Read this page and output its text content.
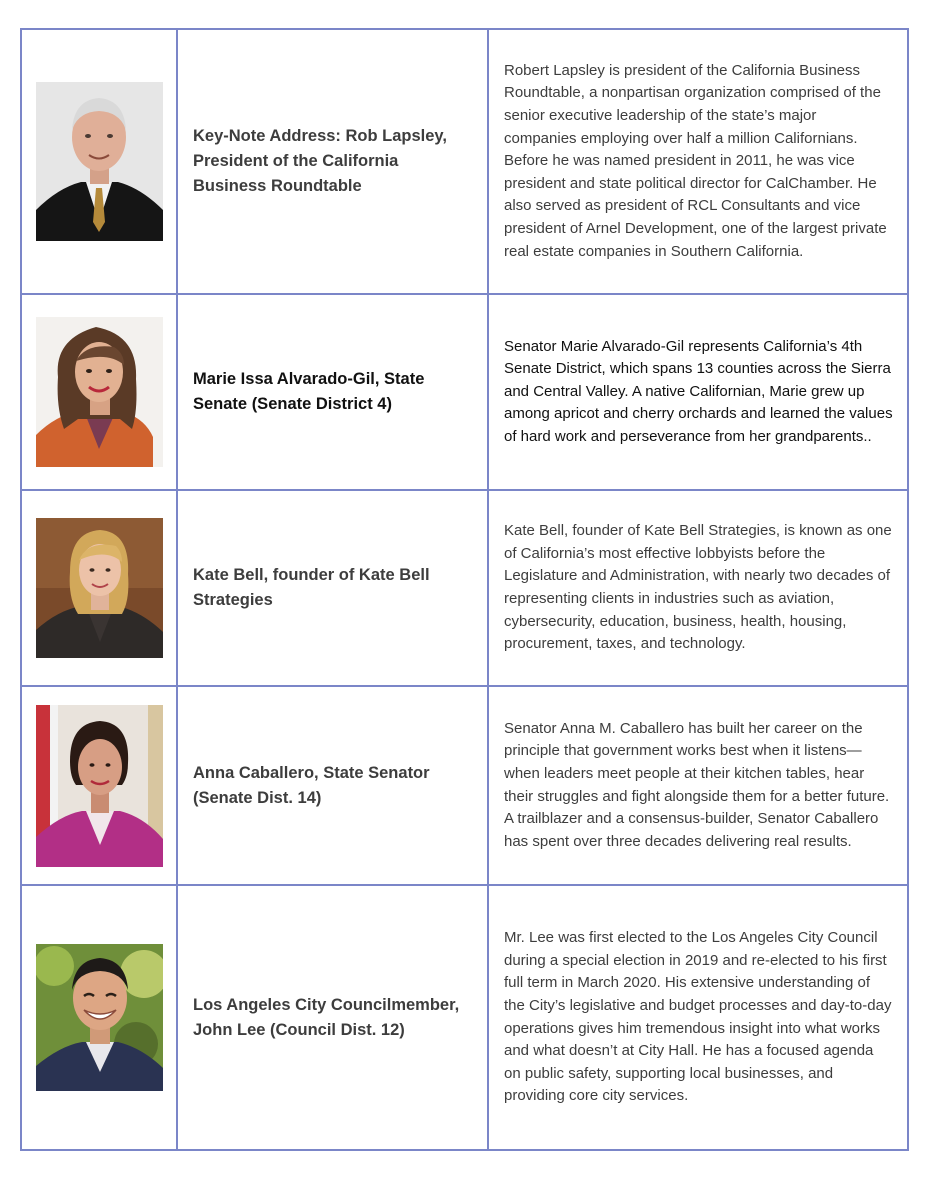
Key-Note Address: Rob Lapsley, President of the California Business Roundtable	Robert Lapsley is president of the California Business Roundtable, a nonpartisan organization comprised of the senior executive leadership of the state’s major companies employing over half a million Californians. Before he was named president in 2011, he was vice president and state political director for CalChamber. He also served as president of RCL Consultants and vice president of Arnel Development, one of the largest private real estate companies in Southern California.

Marie Issa Alvarado-Gil, State Senate (Senate District 4)	Senator Marie Alvarado-Gil represents California’s 4th Senate District, which spans 13 counties across the Sierra and Central Valley. A native Californian, Marie grew up among apricot and cherry orchards and learned the values of hard work and perseverance from her grandparents..

Kate Bell, founder of Kate Bell Strategies	Kate Bell, founder of Kate Bell Strategies, is known as one of California’s most effective lobbyists before the Legislature and Administration, with nearly two decades of representing clients in industries such as aviation, cybersecurity, education, business, health, housing, procurement, taxes, and technology.

Anna Caballero, State Senator (Senate Dist. 14)	Senator Anna M. Caballero has built her career on the principle that government works best when it listens—when leaders meet people at their kitchen tables, hear their struggles and fight alongside them for a better future. A trailblazer and a consensus-builder, Senator Caballero has spent over three decades delivering real results.

Los Angeles City Councilmember, John Lee (Council Dist. 12)	Mr. Lee was first elected to the Los Angeles City Council during a special election in 2019 and re-elected to his first full term in March 2020. His extensive understanding of the City’s legislative and budget processes and day-to-day operations gives him tremendous insight into what works and what doesn’t at City Hall. He has a focused agenda on public safety, supporting local businesses, and providing core city services.
